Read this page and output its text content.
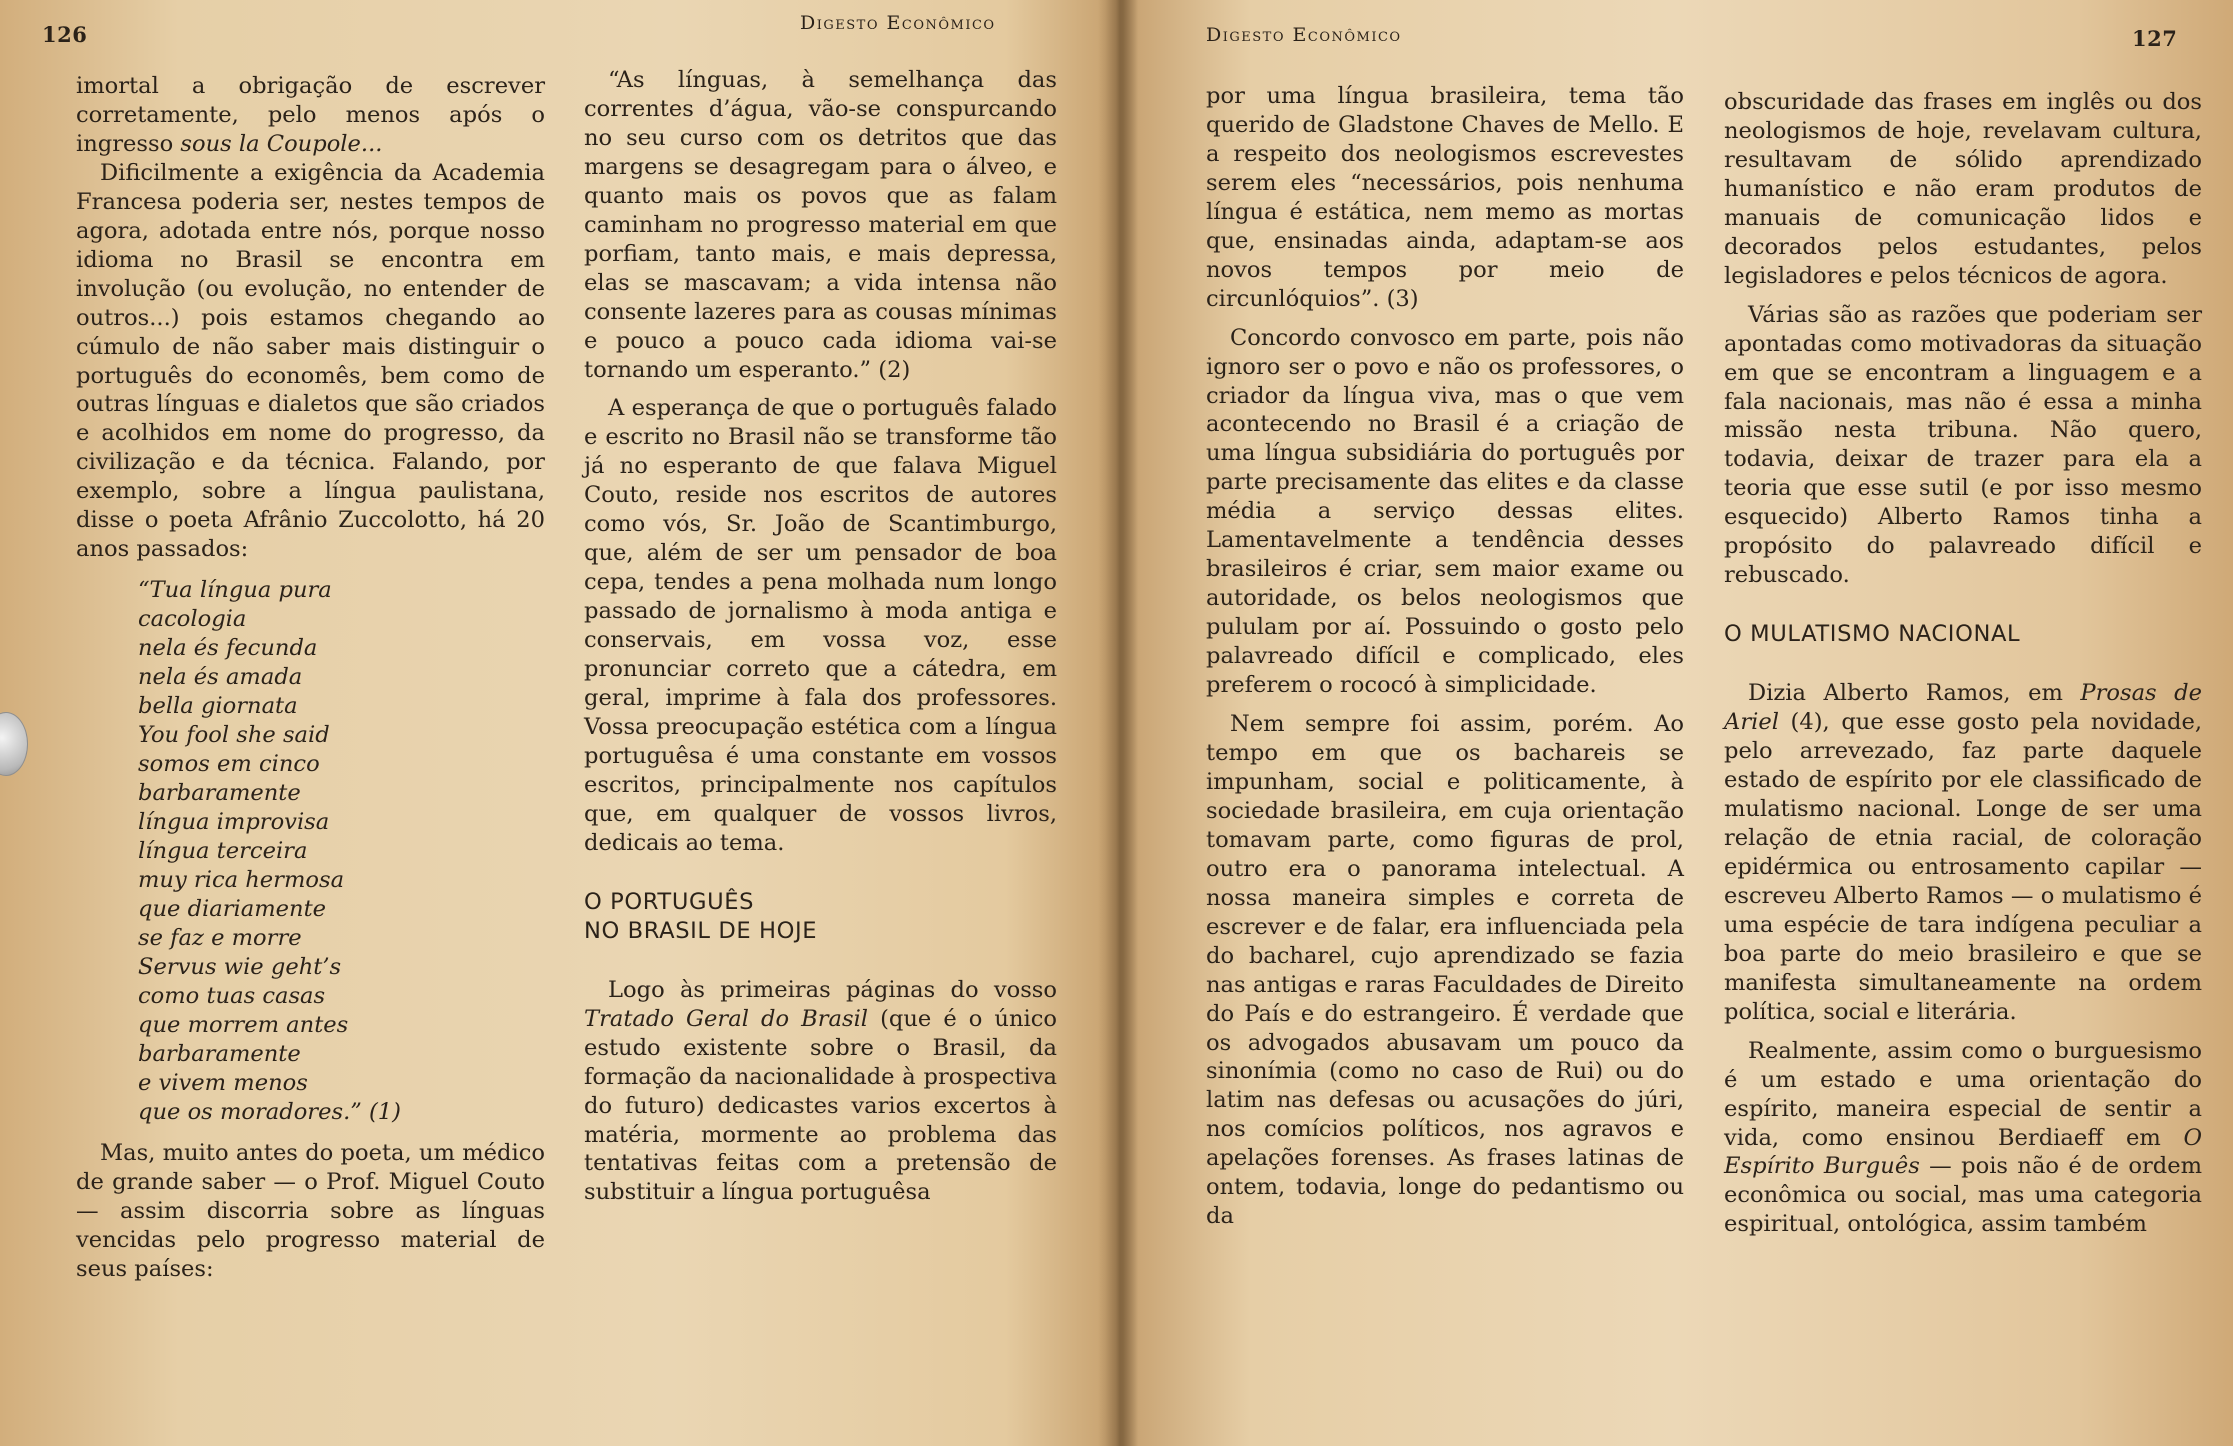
126	Digesto Econômico

imortal a obrigação de escrever corretamente, pelo menos após o ingresso sous la Coupole...

Dificilmente a exigência da Academia Francesa poderia ser, nestes tempos de agora, adotada entre nós, porque nosso idioma no Brasil se encontra em involução (ou evolução, no entender de outros...) pois estamos chegando ao cúmulo de não saber mais distinguir o português do economês, bem como de outras línguas e dialetos que são criados e acolhidos em nome do progresso, da civilização e da técnica. Falando, por exemplo, sobre a língua paulistana, disse o poeta Afrânio Zuccolotto, há 20 anos passados:

“Tua língua pura
cacologia
nela és fecunda
nela és amada
bella giornata
You fool she said
somos em cinco
barbaramente
língua improvisa
língua terceira
muy rica hermosa
que diariamente
se faz e morre
Servus wie geht’s
como tuas casas
que morrem antes
barbaramente
e vivem menos
que os moradores.” (1)

Mas, muito antes do poeta, um médico de grande saber — o Prof. Miguel Couto — assim discorria sobre as línguas vencidas pelo progresso material de seus países:

“As línguas, à semelhança das correntes d’água, vão-se conspurcando no seu curso com os detritos que das margens se desagregam para o álveo, e quanto mais os povos que as falam caminham no progresso material em que porfiam, tanto mais, e mais depressa, elas se mascavam; a vida intensa não consente lazeres para as cousas mínimas e pouco a pouco cada idioma vai-se tornando um esperanto.” (2)

A esperança de que o português falado e escrito no Brasil não se transforme tão já no esperanto de que falava Miguel Couto, reside nos escritos de autores como vós, Sr. João de Scantimburgo, que, além de ser um pensador de boa cepa, tendes a pena molhada num longo passado de jornalismo à moda antiga e conservais, em vossa voz, esse pronunciar correto que a cátedra, em geral, imprime à fala dos professores. Vossa preocupação estética com a língua portuguêsa é uma constante em vossos escritos, principalmente nos capítulos que, em qualquer de vossos livros, dedicais ao tema.

O PORTUGUÊS
NO BRASIL DE HOJE

Logo às primeiras páginas do vosso Tratado Geral do Brasil (que é o único estudo existente sobre o Brasil, da formação da nacionalidade à prospectiva do futuro) dedicastes varios excertos à matéria, mormente ao problema das tentativas feitas com a pretensão de substituir a língua portuguêsa

Digesto Econômico	127

por uma língua brasileira, tema tão querido de Gladstone Chaves de Mello. E a respeito dos neologismos escrevestes serem eles “necessários, pois nenhuma língua é estática, nem memo as mortas que, ensinadas ainda, adaptam-se aos novos tempos por meio de circunlóquios”. (3)

Concordo convosco em parte, pois não ignoro ser o povo e não os professores, o criador da língua viva, mas o que vem acontecendo no Brasil é a criação de uma língua subsidiária do português por parte precisamente das elites e da classe média a serviço dessas elites. Lamentavelmente a tendência desses brasileiros é criar, sem maior exame ou autoridade, os belos neologismos que pululam por aí. Possuindo o gosto pelo palavreado difícil e complicado, eles preferem o rococó à simplicidade.

Nem sempre foi assim, porém. Ao tempo em que os bachareis se impunham, social e politicamente, à sociedade brasileira, em cuja orientação tomavam parte, como figuras de prol, outro era o panorama intelectual. A nossa maneira simples e correta de escrever e de falar, era influenciada pela do bacharel, cujo aprendizado se fazia nas antigas e raras Faculdades de Direito do País e do estrangeiro. É verdade que os advogados abusavam um pouco da sinonímia (como no caso de Rui) ou do latim nas defesas ou acusações do júri, nos comícios políticos, nos agravos e apelações forenses. As frases latinas de ontem, todavia, longe do pedantismo ou da

obscuridade das frases em inglês ou dos neologismos de hoje, revelavam cultura, resultavam de sólido aprendizado humanístico e não eram produtos de manuais de comunicação lidos e decorados pelos estudantes, pelos legisladores e pelos técnicos de agora.

Várias são as razões que poderiam ser apontadas como motivadoras da situação em que se encontram a linguagem e a fala nacionais, mas não é essa a minha missão nesta tribuna. Não quero, todavia, deixar de trazer para ela a teoria que esse sutil (e por isso mesmo esquecido) Alberto Ramos tinha a propósito do palavreado difícil e rebuscado.

O MULATISMO NACIONAL

Dizia Alberto Ramos, em Prosas de Ariel (4), que esse gosto pela novidade, pelo arrevezado, faz parte daquele estado de espírito por ele classificado de mulatismo nacional. Longe de ser uma relação de etnia racial, de coloração epidérmica ou entrosamento capilar — escreveu Alberto Ramos — o mulatismo é uma espécie de tara indígena peculiar a boa parte do meio brasileiro e que se manifesta simultaneamente na ordem política, social e literária.

Realmente, assim como o burguesismo é um estado e uma orientação do espírito, maneira especial de sentir a vida, como ensinou Berdiaeff em O Espírito Burguês — pois não é de ordem econômica ou social, mas uma categoria espiritual, ontológica, assim também
